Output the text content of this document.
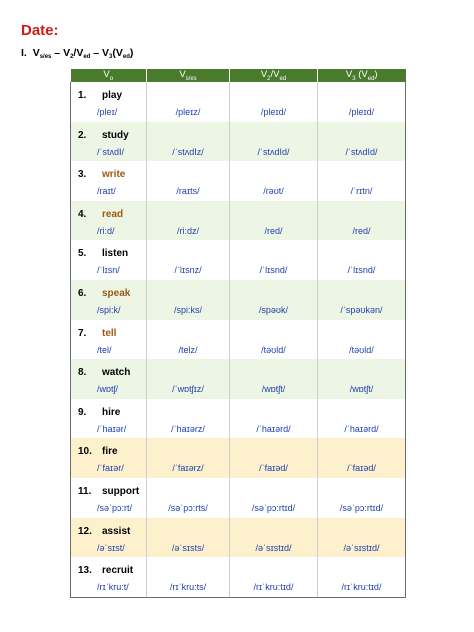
Date:
I. $V_{s/es} - V_2/V_{ed} - V_3(V_{ed})$
$V_o$	$V_{s/es}$	$V_2/V_{ed}$	$V_3$ $(V_{ed})$

1. play
/pleɪ/	/pleɪz/	/pleɪd/	/pleɪd/

2. study
/ˈstʌdI/	/ˈstʌdIz/	/ˈstʌdId/	/ˈstʌdId/

3. write
/raɪt/	/raɪts/	/rəʊt/	/ˈrɪtn/

4. read
/ri:d/	/ri:dz/	/red/	/red/

5. listen
/ˈlɪsn/	/ˈlɪsnz/	/ˈlɪsnd/	/ˈlɪsnd/

6. speak
/spi:k/	/spi:ks/	/spəʊk/	/ˈspəʊkən/

7. tell
/tel/	/telz/	/təʊld/	/təʊld/

8. watch
/wɒtʃ/	/ˈwɒtʃɪz/	/wɒtʃt/	/wɒtʃt/

9. hire
/ˈhaɪər/	/ˈhaɪərz/	/ˈhaɪərd/	/ˈhaɪərd/

10. fire
/ˈfaɪər/	/ˈfaɪərz/	/ˈfaɪəd/	/ˈfaɪəd/

11. support
/səˈpɔ:rt/	/səˈpɔ:rts/	/səˈpɔ:rtɪd/	/səˈpɔ:rtɪd/

12. assist
/əˈsɪst/	/əˈsɪsts/	/əˈsɪstɪd/	/əˈsɪstɪd/

13. recruit
/rɪˈkru:t/	/rɪˈkru:ts/	/rɪˈkru:tɪd/	/rɪˈkru:tɪd/
